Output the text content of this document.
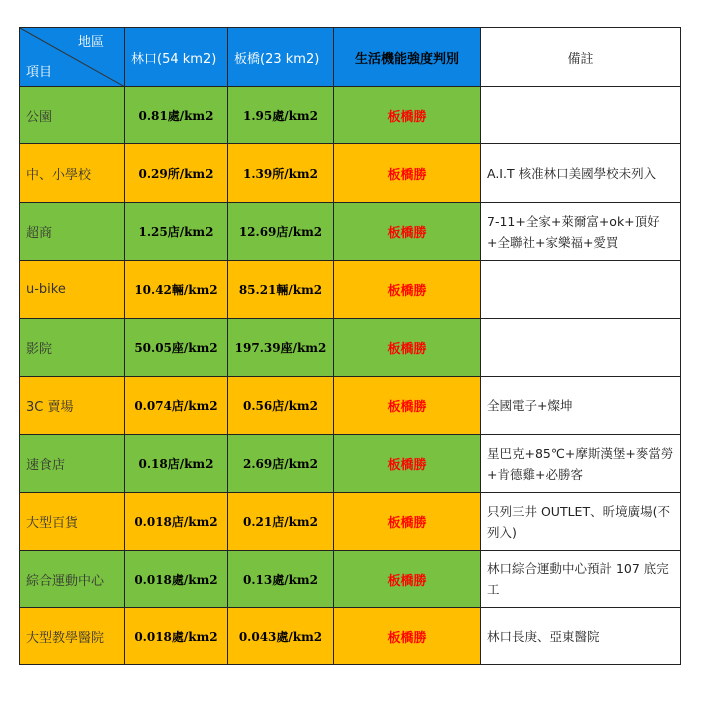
地區
項目	林口(54 km2)	板橋(23 km2)	生活機能強度判別	備註
公園	0.81處/km2	1.95處/km2	板橋勝	
中、小學校	0.29所/km2	1.39所/km2	板橋勝	A.I.T 核准林口美國學校未列入
超商	1.25店/km2	12.69店/km2	板橋勝	7-11+全家+萊爾富+ok+頂好+全聯社+家樂福+愛買
u-bike	10.42輛/km2	85.21輛/km2	板橋勝	
影院	50.05座/km2	197.39座/km2	板橋勝	
3C 賣場	0.074店/km2	0.56店/km2	板橋勝	全國電子+燦坤
速食店	0.18店/km2	2.69店/km2	板橋勝	星巴克+85℃+摩斯漢堡+麥當勞+肯德雞+必勝客
大型百貨	0.018店/km2	0.21店/km2	板橋勝	只列三井 OUTLET、昕境廣場(不列入)
綜合運動中心	0.018處/km2	0.13處/km2	板橋勝	林口綜合運動中心預計 107 底完工
大型教學醫院	0.018處/km2	0.043處/km2	板橋勝	林口長庚、亞東醫院
